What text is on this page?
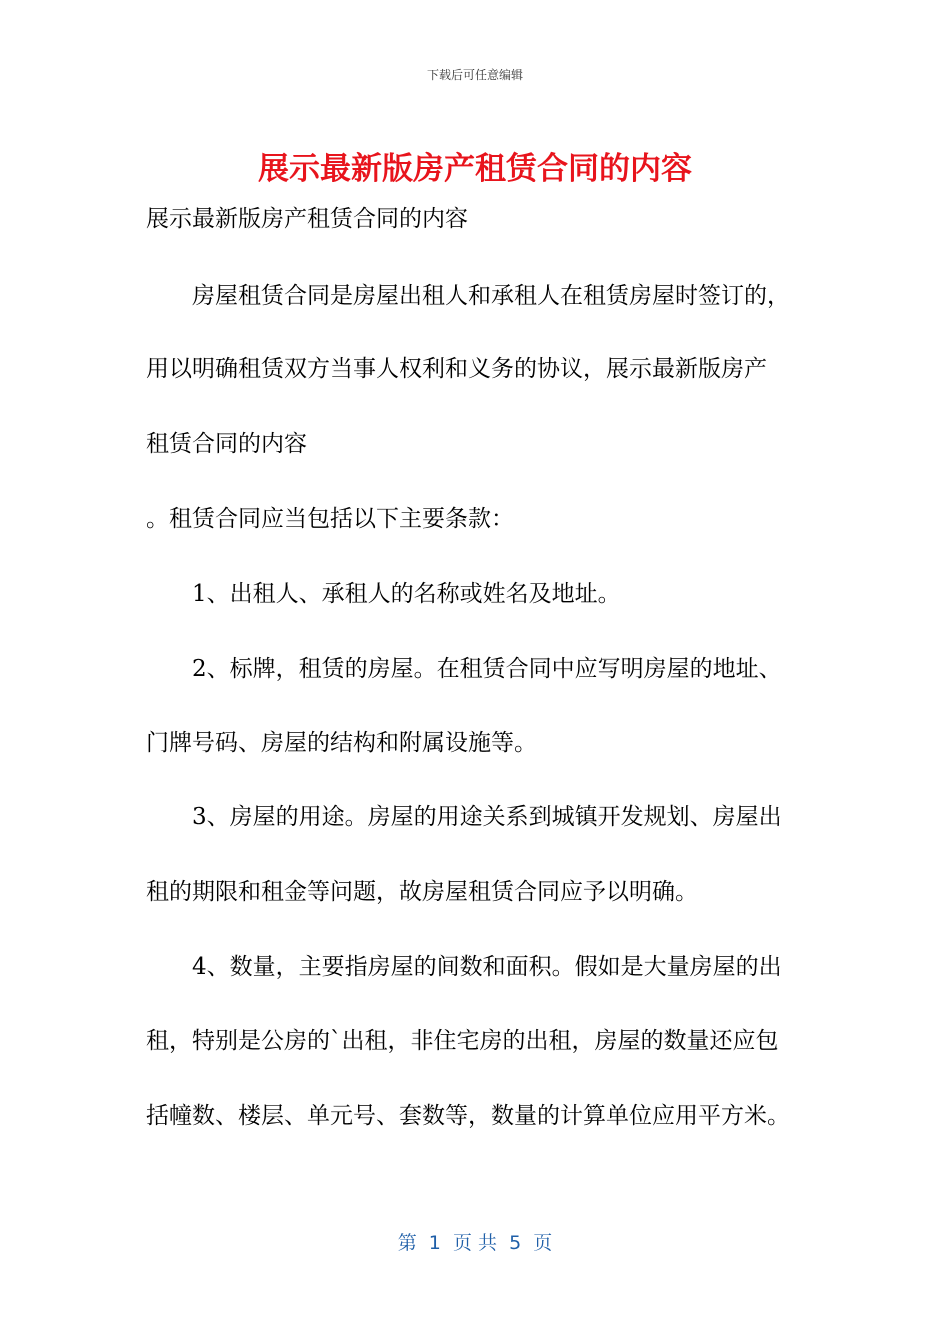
下载后可任意编辑
展示最新版房产租赁合同的内容
展示最新版房产租赁合同的内容
房屋租赁合同是房屋出租人和承租人在租赁房屋时签订的，
用以明确租赁双方当事人权利和义务的协议，展示最新版房产
租赁合同的内容
。租赁合同应当包括以下主要条款：
1、出租人、承租人的名称或姓名及地址。
2、标牌，租赁的房屋。在租赁合同中应写明房屋的地址、
门牌号码、房屋的结构和附属设施等。
3、房屋的用途。房屋的用途关系到城镇开发规划、房屋出
租的期限和租金等问题，故房屋租赁合同应予以明确。
4、数量，主要指房屋的间数和面积。假如是大量房屋的出
租，特别是公房的`出租，非住宅房的出租，房屋的数量还应包
括幢数、楼层、单元号、套数等，数量的计算单位应用平方米。
第  1  页 共  5  页
